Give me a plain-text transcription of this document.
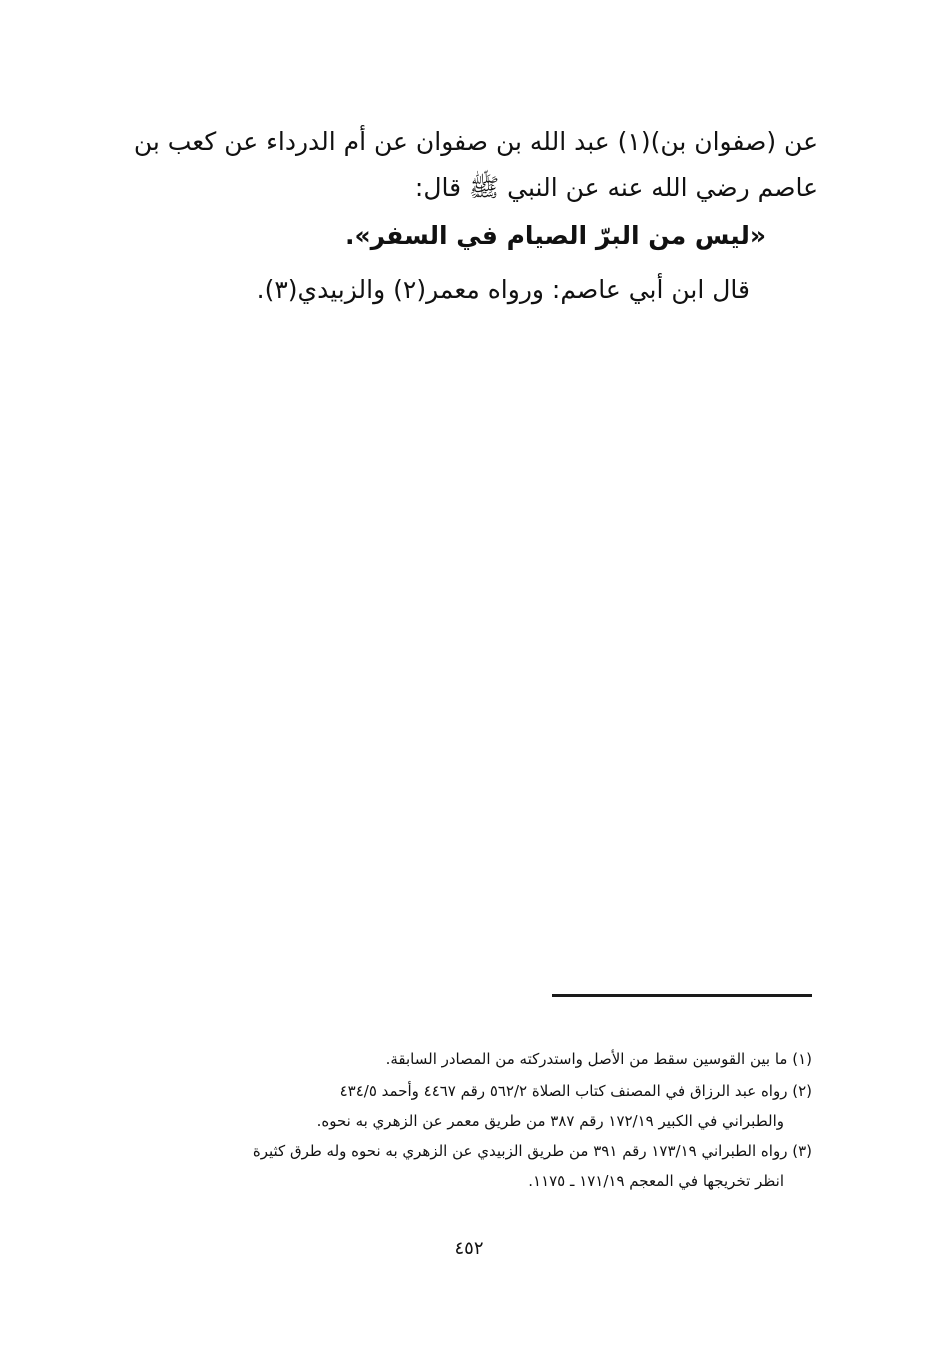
عن (صفوان بن)(١) عبد الله بن صفوان عن أم الدرداء عن كعب بن
عاصم رضي الله عنه عن النبي ﷺ قال:
«ليس من البرّ الصيام في السفر».
قال ابن أبي عاصم: ورواه معمر(٢) والزبيدي(٣).
(١) ما بين القوسين سقط من الأصل واستدركته من المصادر السابقة.
(٢) رواه عبد الرزاق في المصنف كتاب الصلاة ٥٦٢/٢ رقم ٤٤٦٧ وأحمد ٤٣٤/٥
والطبراني في الكبير ١٧٢/١٩ رقم ٣٨٧ من طريق معمر عن الزهري به نحوه.
(٣) رواه الطبراني ١٧٣/١٩ رقم ٣٩١ من طريق الزبيدي عن الزهري به نحوه وله طرق كثيرة
انظر تخريجها في المعجم ١٧١/١٩ ـ ١١٧٥.
٤٥٢
